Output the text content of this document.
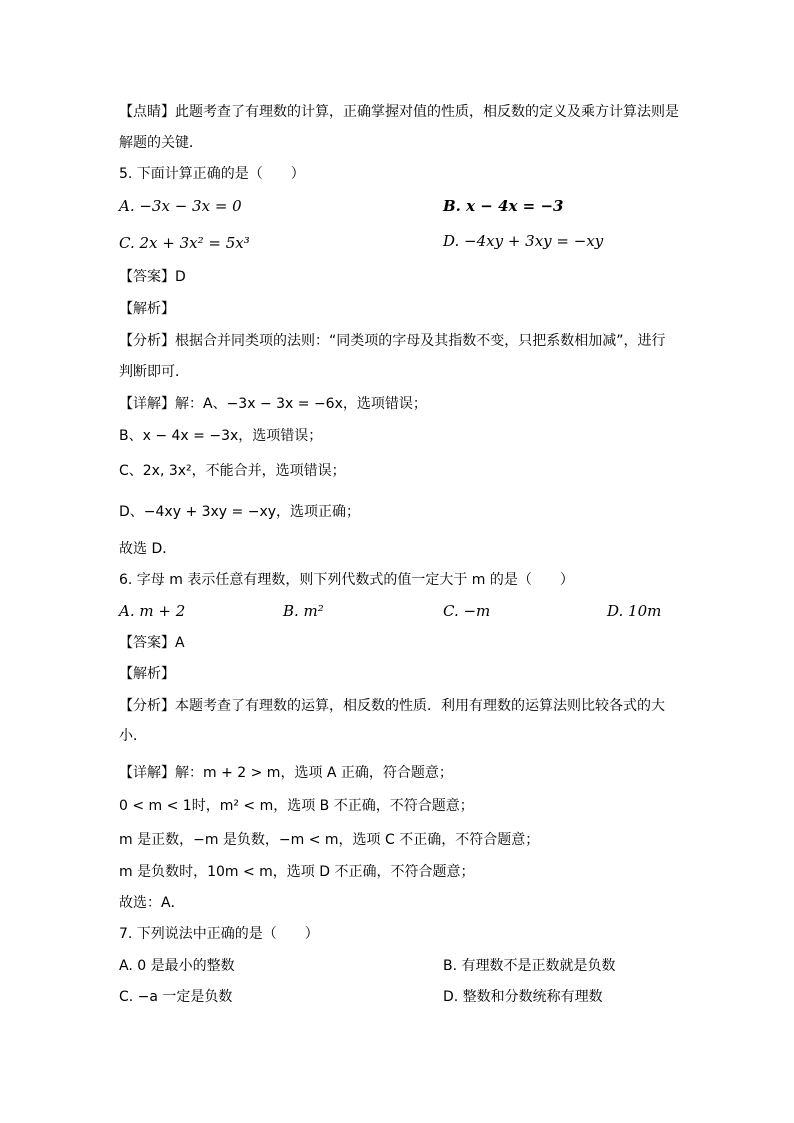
【点睛】此题考查了有理数的计算，正确掌握对值的性质，相反数的定义及乘方计算法则是
解题的关键．
5. 下面计算正确的是（　　）
A. −3x − 3x = 0	B. x − 4x = −3
C. 2x + 3x² = 5x³	D. −4xy + 3xy = −xy
【答案】D
【解析】
【分析】根据合并同类项的法则：“同类项的字母及其指数不变，只把系数相加减”，进行
判断即可．
【详解】解：A、−3x − 3x = −6x，选项错误；
B、x − 4x = −3x，选项错误；
C、2x, 3x²，不能合并，选项错误；
D、−4xy + 3xy = −xy，选项正确；
故选 D．
6. 字母 m 表示任意有理数，则下列代数式的值一定大于 m 的是（　　）
A. m + 2	B. m²	C. −m	D. 10m
【答案】A
【解析】
【分析】本题考查了有理数的运算，相反数的性质．利用有理数的运算法则比较各式的大
小．
【详解】解：m + 2 > m，选项 A 正确，符合题意；
0 < m < 1时，m² < m，选项 B 不正确，不符合题意；
m 是正数，−m 是负数，−m < m，选项 C 不正确，不符合题意；
m 是负数时，10m < m，选项 D 不正确，不符合题意；
故选：A．
7. 下列说法中正确的是（　　）
A. 0 是最小的整数	B. 有理数不是正数就是负数
C. −a 一定是负数	D. 整数和分数统称有理数
